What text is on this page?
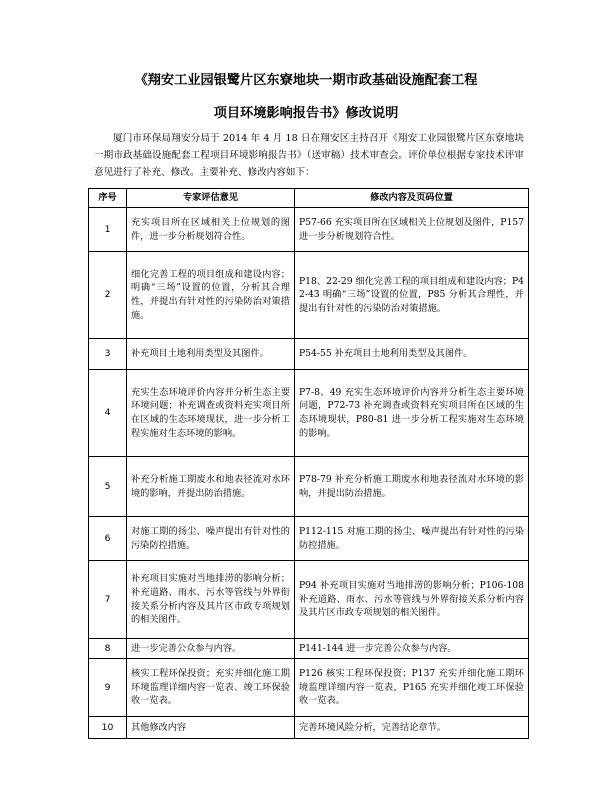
《翔安工业园银鹭片区东寮地块一期市政基础设施配套工程
项目环境影响报告书》修改说明

厦门市环保局翔安分局于 2014 年 4 月 18 日在翔安区主持召开《翔安工业园银鹭片区东寮地块一期市政基础设施配套工程项目环境影响报告书》（送审稿）技术审查会。评价单位根据专家技术评审意见进行了补充、修改。主要补充、修改内容如下：

序号	专家评估意见	修改内容及页码位置
1	充实项目所在区域相关上位规划的图件，进一步分析规划符合性。	P57-66 充实项目所在区域相关上位规划及图件，P157 进一步分析规划符合性。
2	细化完善工程的项目组成和建设内容；明确“三场”设置的位置，分析其合理性，并提出有针对性的污染防治对策措施。	P18、22-29 细化完善工程的项目组成和建设内容；P42-43 明确“三场”设置的位置，P85 分析其合理性，并提出有针对性的污染防治对策措施。
3	补充项目土地利用类型及其图件。	P54-55 补充项目土地利用类型及其图件。
4	充实生态环境评价内容并分析生态主要环境问题；补充调查或资料充实项目所在区域的生态环境现状，进一步分析工程实施对生态环境的影响。	P7-8、49 充实生态环境评价内容并分析生态主要环境问题，P72-73 补充调查或资料充实项目所在区域的生态环境现状，P80-81 进一步分析工程实施对生态环境的影响。
5	补充分析施工期废水和地表径流对水环境的影响，并提出防治措施。	P78-79 补充分析施工期废水和地表径流对水环境的影响，并提出防治措施。
6	对施工期的扬尘、噪声提出有针对性的污染防控措施。	P112-115 对施工期的扬尘、噪声提出有针对性的污染防控措施。
7	补充项目实施对当地排涝的影响分析；补充道路、雨水、污水等管线与外界衔接关系分析内容及其片区市政专项规划的相关图件。	P94 补充项目实施对当地排涝的影响分析；P106-108 补充道路、雨水、污水等管线与外界衔接关系分析内容及其片区市政专项规划的相关图件。
8	进一步完善公众参与内容。	P141-144 进一步完善公众参与内容。
9	核实工程环保投资；充实并细化施工期环境监理详细内容一览表、竣工环保验收一览表。	P126 核实工程环保投资；P137 充实并细化施工期环境监理详细内容一览表，P165 充实并细化竣工环保验收一览表。
10	其他修改内容	完善环境风险分析，完善结论章节。
